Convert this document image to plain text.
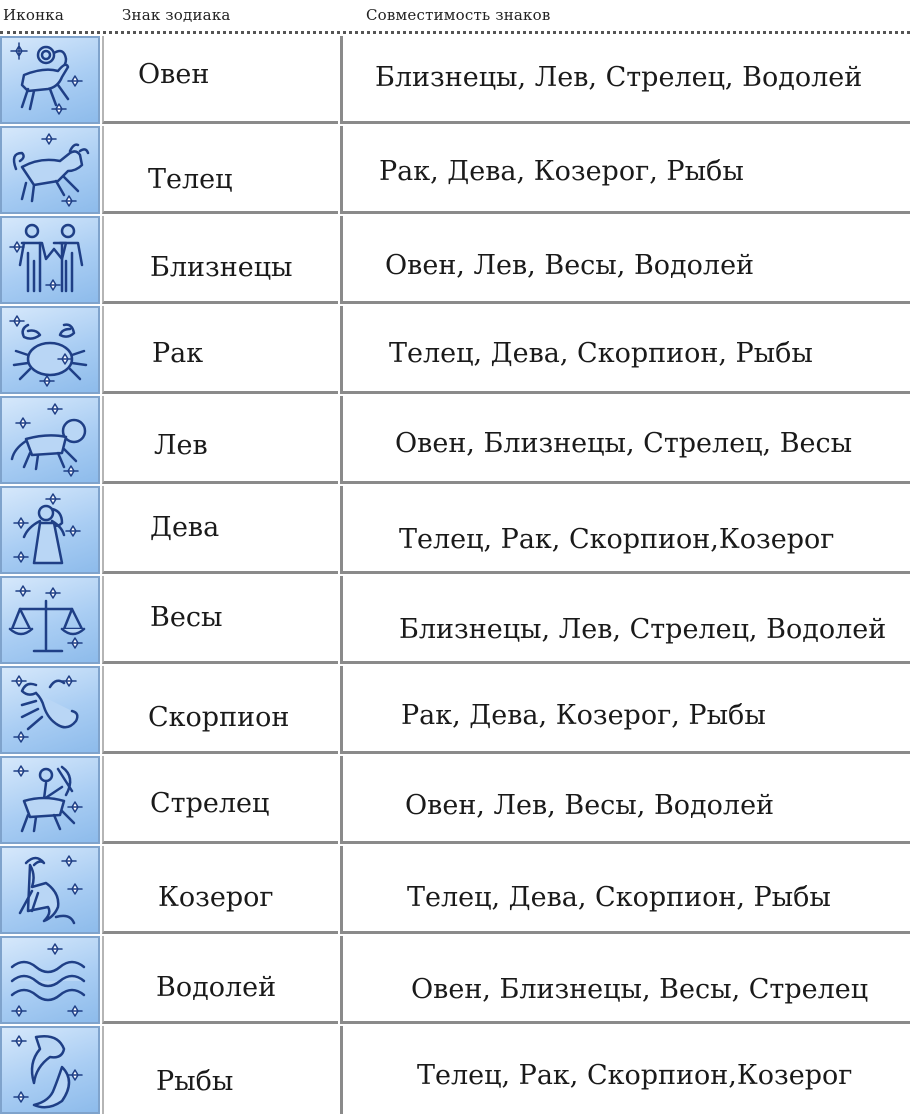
Иконка	Знак зодиака	Совместимость знаков
Овен	Близнецы, Лев, Стрелец, Водолей
Телец	Рак, Дева, Козерог, Рыбы
Близнецы	Овен, Лев, Весы, Водолей
Рак	Телец, Дева, Скорпион, Рыбы
Лев	Овен, Близнецы, Стрелец, Весы
Дева	Телец, Рак, Скорпион,Козерог
Весы	Близнецы, Лев, Стрелец, Водолей
Скорпион	Рак, Дева, Козерог, Рыбы
Стрелец	Овен, Лев, Весы, Водолей
Козерог	Телец, Дева, Скорпион, Рыбы
Водолей	Овен, Близнецы, Весы, Стрелец
Рыбы	Телец, Рак, Скорпион,Козерог
